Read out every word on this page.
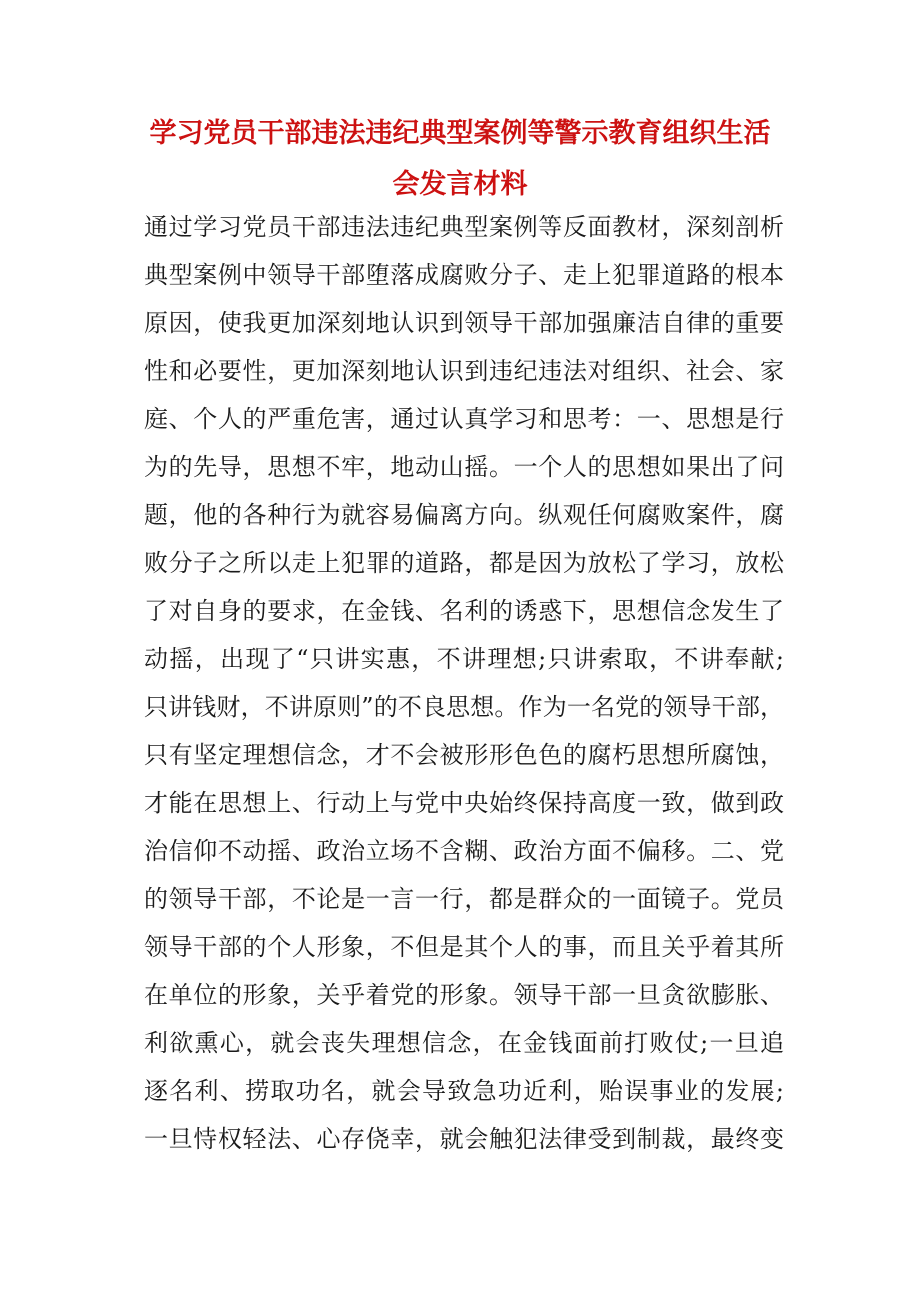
学习党员干部违法违纪典型案例等警示教育组织生活
会发言材料
通过学习党员干部违法违纪典型案例等反面教材，深刻剖析
典型案例中领导干部堕落成腐败分子、走上犯罪道路的根本
原因，使我更加深刻地认识到领导干部加强廉洁自律的重要
性和必要性，更加深刻地认识到违纪违法对组织、社会、家
庭、个人的严重危害，通过认真学习和思考：一、思想是行
为的先导，思想不牢，地动山摇。一个人的思想如果出了问
题，他的各种行为就容易偏离方向。纵观任何腐败案件，腐
败分子之所以走上犯罪的道路，都是因为放松了学习，放松
了对自身的要求，在金钱、名利的诱惑下，思想信念发生了
动摇，出现了“只讲实惠，不讲理想;只讲索取，不讲奉献;
只讲钱财，不讲原则”的不良思想。作为一名党的领导干部，
只有坚定理想信念，才不会被形形色色的腐朽思想所腐蚀，
才能在思想上、行动上与党中央始终保持高度一致，做到政
治信仰不动摇、政治立场不含糊、政治方面不偏移。二、党
的领导干部，不论是一言一行，都是群众的一面镜子。党员
领导干部的个人形象，不但是其个人的事，而且关乎着其所
在单位的形象，关乎着党的形象。领导干部一旦贪欲膨胀、
利欲熏心，就会丧失理想信念，在金钱面前打败仗;一旦追
逐名利、捞取功名，就会导致急功近利，贻误事业的发展;
一旦恃权轻法、心存侥幸，就会触犯法律受到制裁，最终变
